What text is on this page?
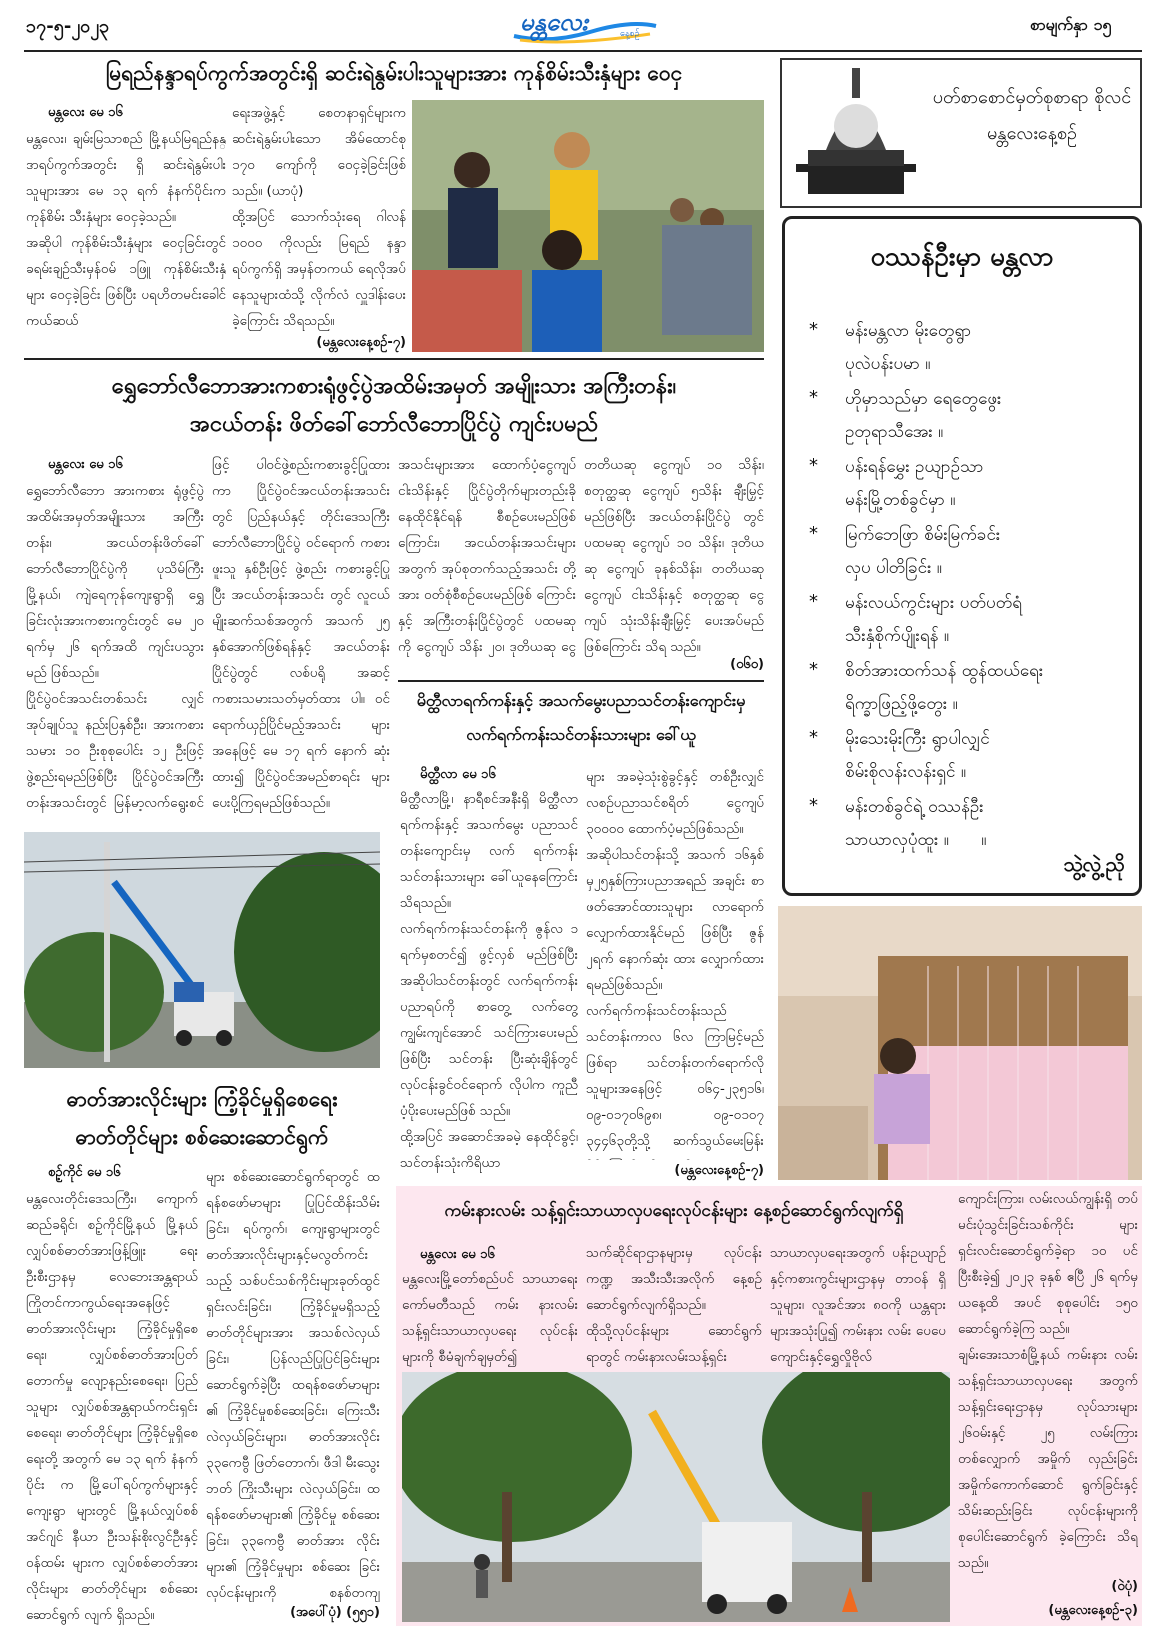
၁၇-၅-၂၀၂၃	မန္တလေး	နေ့စဉ်	စာမျက်နှာ ၁၅
မြရည်နန္ဒာရပ်ကွက်အတွင်းရှိ ဆင်းရဲနွမ်းပါးသူများအား ကုန်စိမ်းသီးနှံများ ဝေငှ
မန္တလေး မေ ၁၆
မန္တလေး၊ ချမ်းမြသာစည် မြို့နယ်မြရည်နန္ဒာရပ်ကွက်အတွင်း ရှိ ဆင်းရဲနွမ်းပါးသူများအား မေ ၁၃ ရက် နံနက်ပိုင်းက ကုန်စိမ်း သီးနှံများ ဝေငှခဲ့သည်။
အဆိုပါ ကုန်စိမ်းသီးနှံများ ဝေငှခြင်းတွင် ခရမ်းချဉ်သီးမှန်ဝမ် ၁ဖြူ ကုန်စိမ်းသီးနှံများ ဝေငှခဲ့ခြင်း ဖြစ်ပြီး ပရဟိတမင်းခေါင်ကယ်ဆယ်
ရေးအဖွဲ့နှင့် စေတနာရှင်များက ဆင်းရဲနွမ်းပါးသော အိမ်ထောင်စု ၁၇၀ ကျော်ကို ဝေငှခဲ့ခြင်းဖြစ် သည်။ (ယာပုံ)
ထို့အပြင် သောက်သုံးရေ ဂါလန် ၁၀၀၀ ကိုလည်း မြရည် နန္ဒာရပ်ကွက်ရှိ အမှန်တကယ် ရေလိုအပ်နေသူများထံသို့ လိုက်လံ လှူဒါန်းပေးခဲ့ကြောင်း သိရသည်။
(မန္တလေးနေ့စဉ်-၇)
ပတ်စာစောင်မှတ်စုစာရာ စိုလင် မန္တလေးနေ့စဉ်
ဝဿန်ဦးမှာ မန္တလာ
* မန်းမန္တလာ မိုးတွေရွာ
ပုလဲပန်းပမာ ။
* ဟိုမှာသည်မှာ ရေတွေဖွေး
ဥတုရာသီအေး ။
* ပန်းရန်မွှေး ဥယျာဉ်သာ
မန်းမြို့တစ်ခွင်မှာ ။
* မြက်ဘေဖြာ စိမ်းမြက်ခင်း
လှပ ပါတိခြင်း ။
* မန်းလယ်ကွင်းများ ပတ်ပတ်ရံ
သီးနှံစိုက်ပျိုးရန် ။
* စိတ်အားထက်သန် ထွန်ထယ်ရေး
ရိက္ခာဖြည့်ဖို့တွေး ။
* မိုးသေးမိုးကြီး ရွာပါလျှင်
စိမ်းစိုလန်းလန်းရှင် ။
* မန်းတစ်ခွင်ရဲ့ ဝဿန်ဦး
သာယာလှပုံထူး ။      ။
သွဲ့လွဲ့ညို
ရွှေဘော်လီဘောအားကစားရုံဖွင့်ပွဲအထိမ်းအမှတ် အမျိုးသား အကြီးတန်း၊
အငယ်တန်း ဖိတ်ခေါ်ဘော်လီဘောပြိုင်ပွဲ ကျင်းပမည်
မန္တလေး မေ ၁၆
ရွှေဘော်လီဘော အားကစား ရုံဖွင့်ပွဲ အထိမ်းအမှတ်အမျိုးသား အကြီးတန်း၊ အငယ်တန်းဖိတ်ခေါ် ဘော်လီဘောပြိုင်ပွဲကို ပုသိမ်ကြီး မြို့နယ်၊ ကျဲရေကုန်ကျေးရွာရှိ ရွှေခြင်းလုံးအားကစားကွင်းတွင် မေ ၂၀ ရက်မှ ၂၆ ရက်အထိ ကျင်းပသွားမည် ဖြစ်သည်။
ပြိုင်ပွဲဝင်အသင်းတစ်သင်း လျှင် အုပ်ချုပ်သူ နည်းပြနှစ်ဦး၊ အားကစားသမား ၁၀ ဦးစုစုပေါင်း ၁၂ ဦးဖြင့် ဖွဲ့စည်းရမည်ဖြစ်ပြီး ပြိုင်ပွဲဝင်အကြီးတန်းအသင်းတွင် မြန်မာ့လက်ရွေးစင်
ဖြင့် ပါဝင်ဖွဲ့စည်းကစားခွင့်ပြုထား ကာ ပြိုင်ပွဲဝင်အငယ်တန်းအသင်း တွင် ပြည်နယ်နှင့် တိုင်းဒေသကြီး ဘော်လီဘောပြိုင်ပွဲ ဝင်ရောက် ကစားဖူးသူ နှစ်ဦးဖြင့် ဖွဲ့စည်း ကစားခွင့်ပြုပြီး အငယ်တန်းအသင်း တွင် လူငယ်မျိုးဆက်သစ်အတွက် အသက် ၂၅ နှစ်အောက်ဖြစ်ရန်နှင့် အငယ်တန်းပြိုင်ပွဲတွင် လစ်ပရို အဆင့် ကစားသမားသတ်မှတ်ထား ပါ။ ဝင်ရောက်ယှဉ်ပြိုင်မည့်အသင်း များအနေဖြင့် မေ ၁၇ ရက် နောက် ဆုံးထား၍ ပြိုင်ပွဲဝင်အမည်စာရင်း များ ပေးပို့ကြရမည်ဖြစ်သည်။

အသင်းများအား ထောက်ပံ့ငွေကျပ် ငါးသိန်းနှင့် ပြိုင်ပွဲတိုက်များတည်းခို နေထိုင်နိုင်ရန် စီစဉ်ပေးမည်ဖြစ် ကြောင်း၊ အငယ်တန်းအသင်းများ အတွက် အုပ်စုတက်သည့်အသင်း တို့အား ဝတ်စုံစီစဉ်ပေးမည်ဖြစ် ကြောင်းနှင့် အကြီးတန်းပြိုင်ပွဲတွင် ပထမဆုကို ငွေကျပ် သိန်း ၂၀၊ ဒုတိယဆု ငွေ
တတိယဆု ငွေကျပ် ၁၀ သိန်း၊ စတုတ္ထဆု ငွေကျပ် ၅သိန်း ချီးမြှင့် မည်ဖြစ်ပြီး အငယ်တန်းပြိုင်ပွဲ တွင် ပထမဆု ငွေကျပ် ၁၀ သိန်း၊ ဒုတိယဆု ငွေကျပ် ခုနစ်သိန်း၊ တတိယဆု ငွေကျပ် ငါးသိန်းနှင့် စတုတ္ထဆု ငွေကျပ် သုံးသိန်းချီးမြှင့် ပေးအပ်မည်ဖြစ်ကြောင်း သိရ သည်။
(၀၆၀)
မိတ္ထီလာရက်ကန်းနှင့် အသက်မွေးပညာသင်တန်းကျောင်းမှ
လက်ရက်ကန်းသင်တန်းသားများ ခေါ်ယူ
မိတ္ထီလာ မေ ၁၆
မိတ္ထီလာမြို့၊ နာရီစင်အနီးရှိ မိတ္ထီလာရက်ကန်းနှင့် အသက်မွေး ပညာသင်တန်းကျောင်းမှ လက် ရက်ကန်း သင်တန်းသားများ ခေါ်ယူနေကြောင်း သိရသည်။
လက်ရက်ကန်းသင်တန်းကို ဇွန်လ ၁ ရက်မှစတင်၍ ဖွင့်လှစ် မည်ဖြစ်ပြီး အဆိုပါသင်တန်းတွင် လက်ရက်ကန်းပညာရပ်ကို စာတွေ့ လက်တွေ့ ကျွမ်းကျင်အောင် သင်ကြားပေးမည်ဖြစ်ပြီး သင်တန်း ပြီးဆုံးချိန်တွင် လုပ်ငန်းခွင်ဝင်ရောက် လိုပါက ကူညီပံ့ပိုးပေးမည်ဖြစ် သည်။
ထို့အပြင် အဆောင်အခမဲ့ နေထိုင်ခွင့်၊ သင်တန်းသုံးကိရိယာ
များ အခမဲ့သုံးစွဲခွင့်နှင့် တစ်ဦးလျှင် လစဉ်ပညာသင်စရိတ် ငွေကျပ် ၃၀၀၀၀ ထောက်ပံ့မည်ဖြစ်သည်။
အဆိုပါသင်တန်းသို့ အသက် ၁၆နှစ်မှ၂၅နှစ်ကြားပညာအရည် အချင်း စာဖတ်အောင်ထားသူများ လာရောက်လျှောက်ထားနိုင်မည် ဖြစ်ပြီး ဇွန် ၂ရက် နောက်ဆုံး ထား လျှောက်ထားရမည်ဖြစ်သည်။
လက်ရက်ကန်းသင်တန်းသည် သင်တန်းကာလ ၆လ ကြာမြင့်မည် ဖြစ်ရာ သင်တန်းတက်ရောက်လို သူများအနေဖြင့် ၀၆၄-၂၃၅၁၆၊ ၀၉-၀၁၇၀၆၉၈၊ ၀၉-၀၁၀၇ ၃၄၄၆၃တို့သို့ ဆက်သွယ်မေးမြန်း
(မန္တလေးနေ့စဉ်-၇)
ဓာတ်အားလိုင်းများ ကြံ့ခိုင်မှုရှိစေရေး
ဓာတ်တိုင်များ စစ်ဆေးဆောင်ရွက်
စဉ့်ကိုင် မေ ၁၆
မန္တလေးတိုင်းဒေသကြီး၊ ကျောက်ဆည်ခရိုင်၊ စဉ့်ကိုင်မြို့နယ် မြို့နယ် လျှပ်စစ်ဓာတ်အားဖြန့်ဖြူး ရေးဦးစီးဌာနမှ လေဘေးအန္တရာယ် ကြိုတင်ကာကွယ်ရေးအနေဖြင့် ဓာတ်အားလိုင်းများ ကြံ့ခိုင်မှုရှိစေရေး၊ လျှပ်စစ်ဓာတ်အားပြတ်တောက်မှု လျော့နည်းစေရေး၊ ပြည်သူများ လျှပ်စစ်အန္တရာယ်ကင်းရှင်းစေရေး၊ ဓာတ်တိုင်များ ကြံ့ခိုင်မှုရှိစေရေးတို့ အတွက် မေ ၁၃ ရက် နံနက်ပိုင်း က မြို့ပေါ်ရပ်ကွက်များနှင့် ကျေးရွာ များတွင် မြို့နယ်လျှပ်စစ် အင်ဂျင် နီယာ ဦးသန်းစိုးလွင်ဦးနှင့် ဝန်ထမ်း များက လျှပ်စစ်ဓာတ်အားလိုင်းများ ဓာတ်တိုင်များ စစ်ဆေးဆောင်ရွက် လျက် ရှိသည်။

များ စစ်ဆေးဆောင်ရွက်ရာတွင် ထရန်စဖော်မာများ ပြုပြင်ထိန်းသိမ်း ခြင်း၊ ရပ်ကွက်၊ ကျေးရွာများတွင် ဓာတ်အားလိုင်းများနှင့်မလွတ်ကင်း သည့် သစ်ပင်သစ်ကိုင်းများခုတ်ထွင် ရှင်းလင်းခြင်း၊ ကြံ့ခိုင်မှုမရှိသည့် ဓာတ်တိုင်များအား အသစ်လဲလှယ် ခြင်း၊ ပြန်လည်ပြုပြင်ခြင်းများ ဆောင်ရွက်ခဲ့ပြီး ထရန်စဖော်မာများ ၏ ကြံ့ခိုင်မှုစစ်ဆေးခြင်း၊ ကြေးသီး လဲလှယ်ခြင်းများ၊ ဓာတ်အားလိုင်း ၃၃ကေဗွီ ဖြတ်တောက်၊ ဖီဒါ မီးသွေးဘတ် ကြိုးသီးများ လဲလှယ်ခြင်း၊ ထရန်စဖော်မာများ၏ ကြံ့ခိုင်မှု စစ်ဆေးခြင်း၊ ၃၃ကေဗွီ ဓာတ်အား လိုင်းများ၏ ကြံ့ခိုင်မှုများ စစ်ဆေး ခြင်းလုပ်ငန်းများကို စနစ်တကျ
(အပေါ်ပုံ) (၅၅၁)
ကမ်းနားလမ်း သန့်ရှင်းသာယာလှပရေးလုပ်ငန်းများ နေ့စဉ်ဆောင်ရွက်လျက်ရှိ
မန္တလေး မေ ၁၆
မန္တလေးမြို့တော်စည်ပင် သာယာရေးကော်မတီသည် ကမ်း နားလမ်း သန့်ရှင်းသာယာလှပရေး လုပ်ငန်းများကို စီမံချက်ချမှတ်၍
သက်ဆိုင်ရာဌာနများမှ လုပ်ငန်း ကဏ္ဍ အသီးသီးအလိုက် နေ့စဉ် ဆောင်ရွက်လျက်ရှိသည်။
ထိုသို့လုပ်ငန်းများ ဆောင်ရွက် ရာတွင် ကမ်းနားလမ်းသန့်ရှင်း
သာယာလှပရေးအတွက် ပန်းဥယျာဉ် နှင့်ကစားကွင်းများဌာနမှ တာဝန် ရှိသူများ၊ လူအင်အား ၈၀ကို ယန္တရားများအသုံးပြု၍ ကမ်းနား လမ်း ပေပေကျောင်းနှင့်ရွှေလှိုဗိုလ်
ကျောင်းကြား၊ လမ်းလယ်ကျွန်းရှိ တပ်မင်းပုံသွင်းခြင်းသစ်ကိုင်း များ ရှင်းလင်းဆောင်ရွက်ခဲ့ရာ ၁၀ ပင် ပြီးစီးခဲ့၍ ၂၀၂၃ ခုနှစ် ဧပြီ ၂၆ ရက်မှ ယနေ့ထိ အပင် စုစုပေါင်း ၁၅၀ ဆောင်ရွက်ခဲ့ကြ သည်။
ချမ်းအေးသာစံမြို့နယ် ကမ်းနား လမ်း သန့်ရှင်းသာယာလှပရေး အတွက် သန့်ရှင်းရေးဌာနမှ လုပ်သားများ ၂၆ဝမ်းနှင့် ၂၅ လမ်းကြားတစ်လျှောက် အမှိုက် လှည်းခြင်းအမှိုက်ကောက်ဆောင် ရွက်ခြင်းနှင့် သိမ်းဆည်းခြင်း လုပ်ငန်းများကို စုပေါင်းဆောင်ရွက် ခဲ့ကြောင်း သိရသည်။
(ဝဲပုံ)
(မန္တလေးနေ့စဉ်-၃)
